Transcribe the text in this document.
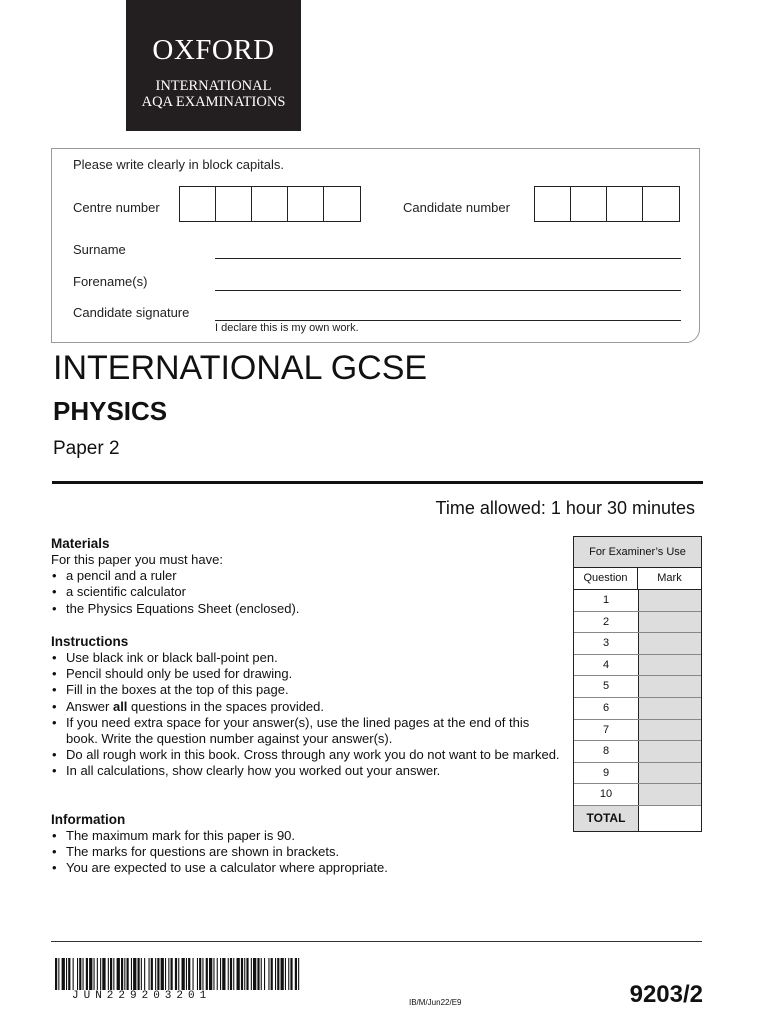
OXFORD
INTERNATIONAL
AQA EXAMINATIONS
Please write clearly in block capitals.
Centre number	Candidate number
Surname
Forename(s)
Candidate signature
I declare this is my own work.
INTERNATIONAL GCSE
PHYSICS
Paper 2
Time allowed: 1 hour 30 minutes
Materials

For this paper you must have:

• a pencil and a ruler
• a scientific calculator
• the Physics Equations Sheet (enclosed).
Instructions
• Use black ink or black ball-point pen.
• Pencil should only be used for drawing.
• Fill in the boxes at the top of this page.
• Answer all questions in the spaces provided.
• If you need extra space for your answer(s), use the lined pages at the end of this book. Write the question number against your answer(s).
• Do all rough work in this book. Cross through any work you do not want to be marked.
• In all calculations, show clearly how you worked out your answer.
Information
• The maximum mark for this paper is 90.
• The marks for questions are shown in brackets.
• You are expected to use a calculator where appropriate.
For Examiner’s Use
Question	Mark
1
2
3
4
5
6
7
8
9
10
TOTAL
JUN229203201
IB/M/Jun22/E9	9203/2
